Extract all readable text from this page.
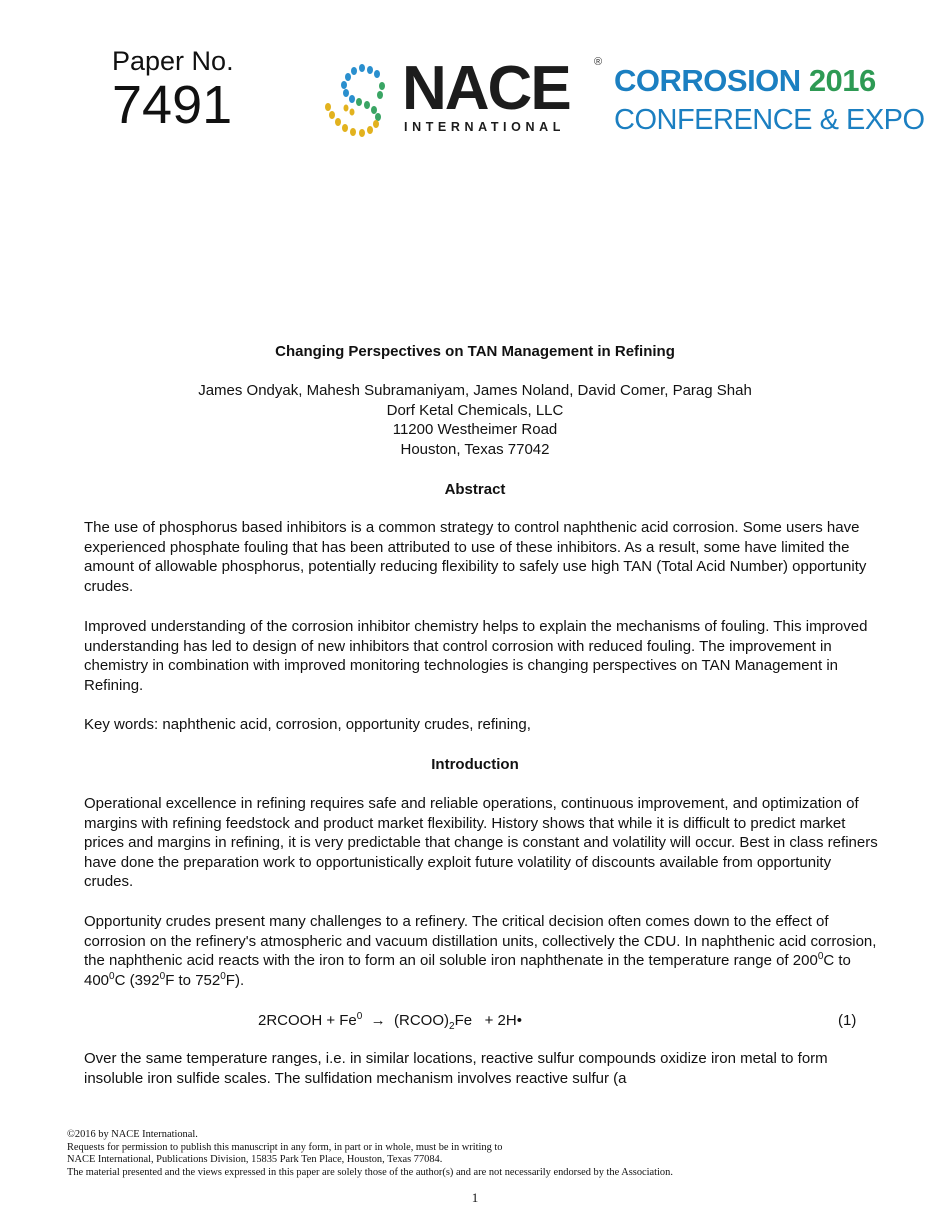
Paper No.
7491	NACE ®
INTERNATIONAL
CORROSION 2016
CONFERENCE & EXPO
Changing Perspectives on TAN Management in Refining
James Ondyak, Mahesh Subramaniyam, James Noland, David Comer, Parag Shah
Dorf Ketal Chemicals, LLC
11200 Westheimer Road
Houston, Texas 77042
Abstract

The use of phosphorus based inhibitors is a common strategy to control naphthenic acid corrosion. Some users have experienced phosphate fouling that has been attributed to use of these inhibitors. As a result, some have limited the amount of allowable phosphorus, potentially reducing flexibility to safely use high TAN (Total Acid Number) opportunity crudes.

Improved understanding of the corrosion inhibitor chemistry helps to explain the mechanisms of fouling. This improved understanding has led to design of new inhibitors that control corrosion with reduced fouling. The improvement in chemistry in combination with improved monitoring technologies is changing perspectives on TAN Management in Refining.

Key words: naphthenic acid, corrosion, opportunity crudes, refining,

Introduction

Operational excellence in refining requires safe and reliable operations, continuous improvement, and optimization of margins with refining feedstock and product market flexibility. History shows that while it is difficult to predict market prices and margins in refining, it is very predictable that change is constant and volatility will occur. Best in class refiners have done the preparation work to opportunistically exploit future volatility of discounts available from opportunity crudes.

Opportunity crudes present many challenges to a refinery. The critical decision often comes down to the effect of corrosion on the refinery's atmospheric and vacuum distillation units, collectively the CDU. In naphthenic acid corrosion, the naphthenic acid reacts with the iron to form an oil soluble iron naphthenate in the temperature range of $200^0C$ to $400^0C$ ($392^0F$ to $752^0F$).

2RCOOH + $Fe^0$  →  $(RCOO)_2Fe$   + 2H•	(1)

Over the same temperature ranges, i.e. in similar locations, reactive sulfur compounds oxidize iron metal to form insoluble iron sulfide scales. The sulfidation mechanism involves reactive sulfur (a

©2016 by NACE International.

Requests for permission to publish this manuscript in any form, in part or in whole, must be in writing to

NACE International, Publications Division, 15835 Park Ten Place, Houston, Texas 77084.

The material presented and the views expressed in this paper are solely those of the author(s) and are not necessarily endorsed by the Association.

1
